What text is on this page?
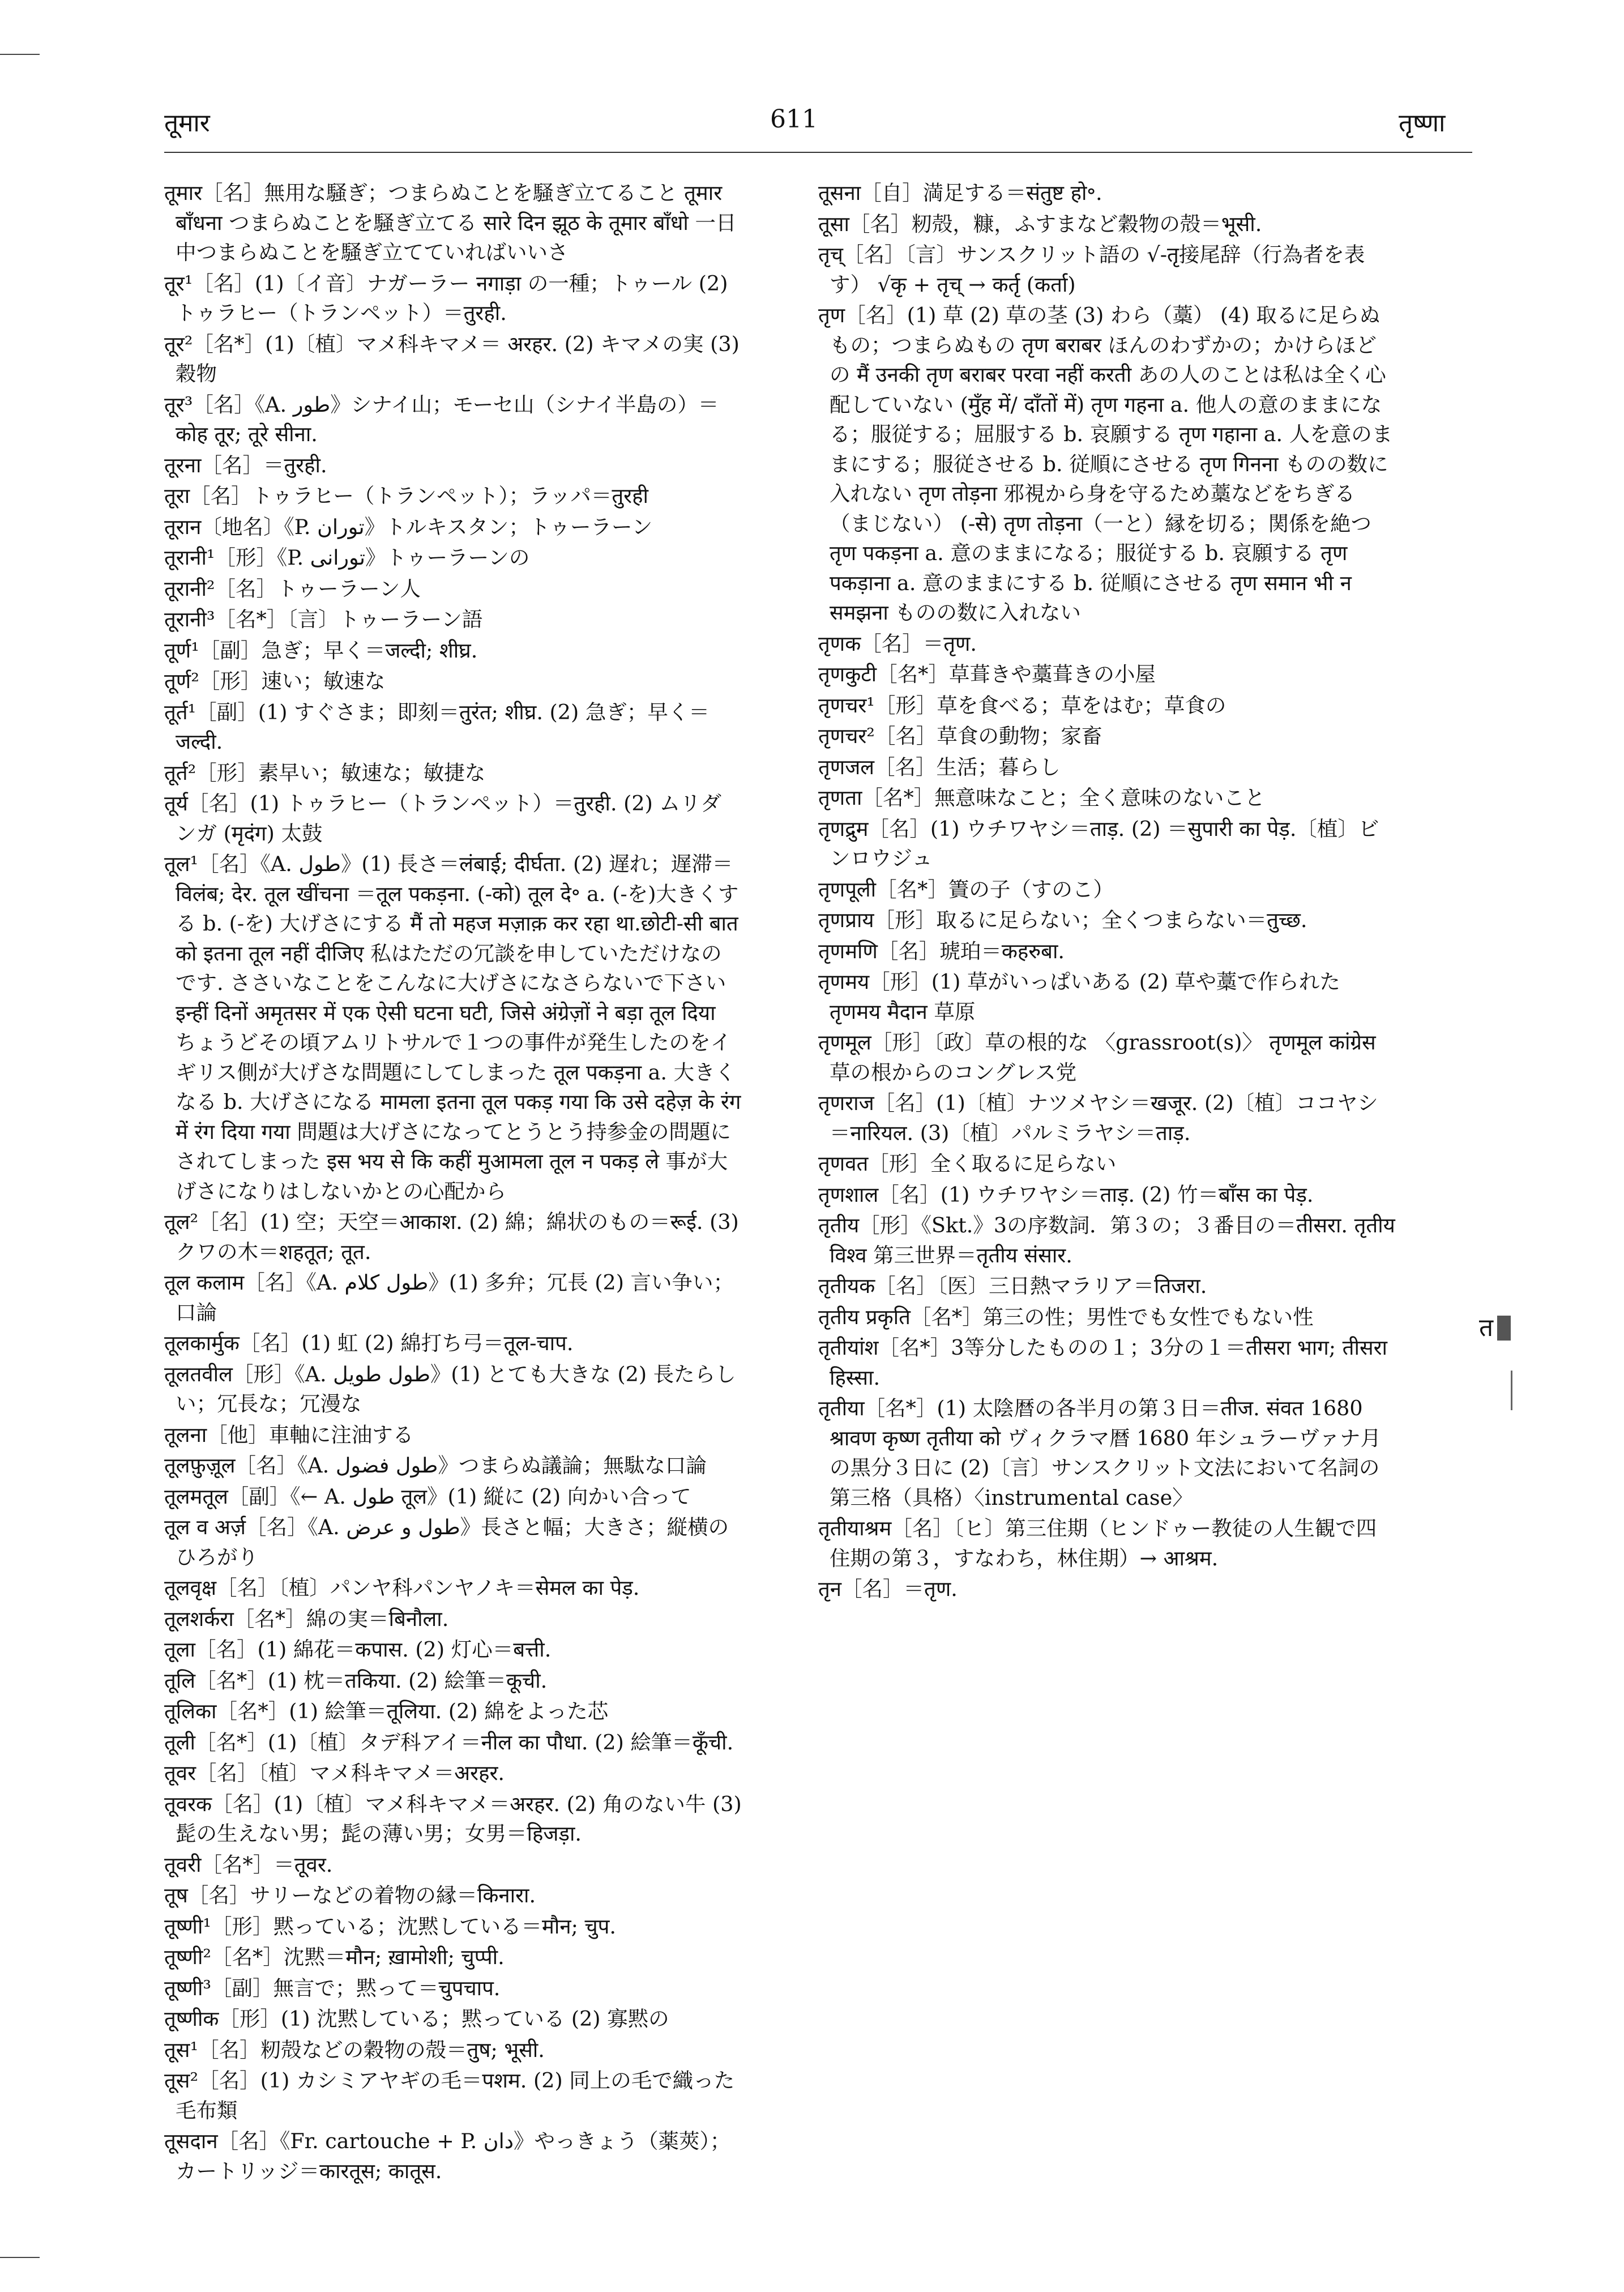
तूमार	611	तृष्णा

तूमार［名］無用な騒ぎ；つまらぬことを騒ぎ立てること तूमार बाँधना つまらぬことを騒ぎ立てる सारे दिन झूठ के तूमार बाँधो 一日中つまらぬことを騒ぎ立てていればいいさ

तूर¹［名］(1)〔イ音〕ナガーラー नगाड़ा の一種；トゥール (2) トゥラヒー（トランペット）＝तुरही.

तूर²［名*］(1)〔植〕マメ科キマメ＝ अरहर. (2) キマメの実 (3) 穀物

तूर³［名］《A. طور》シナイ山；モーセ山（シナイ半島の）＝कोह तूर; तूरे सीना.

तूरना［名］＝तुरही.

तूरा［名］トゥラヒー（トランペット）；ラッパ＝तुरही

तूरान〔地名〕《P. توران》トルキスタン；トゥーラーン

तूरानी¹［形］《P. تورانی》トゥーラーンの

तूरानी²［名］トゥーラーン人

तूरानी³［名*］〔言〕トゥーラーン語

तूर्ण¹［副］急ぎ；早く＝जल्दी; शीघ्र.

तूर्ण²［形］速い；敏速な

तूर्त¹［副］(1) すぐさま；即刻＝तुरंत; शीघ्र. (2) 急ぎ；早く＝जल्दी.

तूर्त²［形］素早い；敏速な；敏捷な

तूर्य［名］(1) トゥラヒー（トランペット）＝तुरही. (2) ムリダンガ (मृदंग) 太鼓

तूल¹［名］《A. طول》(1) 長さ＝लंबाई; दीर्घता. (2) 遅れ；遅滞＝विलंब; देर. तूल खींचना ＝तूल पकड़ना. (-को) तूल दे॰ a. (-を)大きくする b. (-を) 大げさにする मैं तो महज मज़ाक़ कर रहा था.छोटी-सी बात को इतना तूल नहीं दीजिए 私はただの冗談を申していただけなのです. ささいなことをこんなに大げさになさらないで下さい इन्हीं दिनों अमृतसर में एक ऐसी घटना घटी, जिसे अंग्रेज़ों ने बड़ा तूल दिया ちょうどその頃アムリトサルで１つの事件が発生したのをイギリス側が大げさな問題にしてしまった तूल पकड़ना a. 大きくなる b. 大げさになる मामला इतना तूल पकड़ गया कि उसे दहेज़ के रंग में रंग दिया गया 問題は大げさになってとうとう持参金の問題にされてしまった इस भय से कि कहीं मुआमला तूल न पकड़ ले 事が大げさになりはしないかとの心配から

तूल²［名］(1) 空；天空＝आकाश. (2) 綿；綿状のもの＝रूई. (3) クワの木＝शहतूत; तूत.

तूल कलाम［名］《A. طول کلام》(1) 多弁；冗長 (2) 言い争い；口論

तूलकार्मुक［名］(1) 虹 (2) 綿打ち弓＝तूल-चाप.

तूलतवील［形］《A. طول طویل》(1) とても大きな (2) 長たらしい；冗長な；冗漫な

तूलना［他］車軸に注油する

तूलफ़ुज़ूल［名］《A. طول فضول》つまらぬ議論；無駄な口論

तूलमतूल［副］《← A. طول तूल》(1) 縦に (2) 向かい合って

तूल व अर्ज़［名］《A. طول و عرض》長さと幅；大きさ；縦横のひろがり

तूलवृक्ष［名］〔植〕パンヤ科パンヤノキ＝सेमल का पेड़.

तूलशर्करा［名*］綿の実＝बिनौला.

तूला［名］(1) 綿花＝कपास. (2) 灯心＝बत्ती.

तूलि［名*］(1) 枕＝तकिया. (2) 絵筆＝कूची.

तूलिका［名*］(1) 絵筆＝तूलिया. (2) 綿をよった芯

तूली［名*］(1)〔植〕タデ科アイ＝नील का पौधा. (2) 絵筆＝कूँची.

तूवर［名］〔植〕マメ科キマメ＝अरहर.

तूवरक［名］(1)〔植〕マメ科キマメ＝अरहर. (2) 角のない牛 (3) 髭の生えない男；髭の薄い男；女男＝हिजड़ा.

तूवरी［名*］＝तूवर.

तूष［名］サリーなどの着物の縁＝किनारा.

तूष्णी¹［形］黙っている；沈黙している＝मौन; चुप.

तूष्णी²［名*］沈黙＝मौन; ख़ामोशी; चुप्पी.

तूष्णी³［副］無言で；黙って＝चुपचाप.

तूष्णीक［形］(1) 沈黙している；黙っている (2) 寡黙の

तूस¹［名］籾殻などの穀物の殻＝तुष; भूसी.

तूस²［名］(1) カシミアヤギの毛＝पशम. (2) 同上の毛で織った毛布類

तूसदान［名］《Fr. cartouche + P. دان》やっきょう（薬莢）；カートリッジ＝कारतूस; कातूस.

तूसना［自］満足する＝संतुष्ट हो॰.

तूसा［名］籾殻，糠，ふすまなど穀物の殻＝भूसी.

तृच्［名］〔言〕サンスクリット語の √-तृ接尾辞（行為者を表す） √कृ + तृच् → कर्तृ (कर्ता)

तृण［名］(1) 草 (2) 草の茎 (3) わら（藁） (4) 取るに足らぬもの；つまらぬもの तृण बराबर ほんのわずかの；かけらほどの मैं उनकी तृण बराबर परवा नहीं करती あの人のことは私は全く心配していない (मुँह में/ दाँतों में) तृण गहना a. 他人の意のままになる；服従する；屈服する b. 哀願する तृण गहाना a. 人を意のままにする；服従させる b. 従順にさせる तृण गिनना ものの数に入れない तृण तोड़ना 邪視から身を守るため藁などをちぎる（まじない） (-से) तृण तोड़ना（一と）縁を切る；関係を絶つ तृण पकड़ना a. 意のままになる；服従する b. 哀願する तृण पकड़ाना a. 意のままにする b. 従順にさせる तृण समान भी न समझना ものの数に入れない

तृणक［名］＝तृण.

तृणकुटी［名*］草葺きや藁葺きの小屋

तृणचर¹［形］草を食べる；草をはむ；草食の

तृणचर²［名］草食の動物；家畜

तृणजल［名］生活；暮らし

तृणता［名*］無意味なこと；全く意味のないこと

तृणद्रुम［名］(1) ウチワヤシ＝ताड़. (2) ＝सुपारी का पेड़.〔植〕ビンロウジュ

तृणपूली［名*］簀の子（すのこ）

तृणप्राय［形］取るに足らない；全くつまらない＝तुच्छ.

तृणमणि［名］琥珀＝कहरुबा.

तृणमय［形］(1) 草がいっぱいある (2) 草や藁で作られた तृणमय मैदान 草原

तृणमूल［形］〔政〕草の根的な 〈grassroot(s)〉 तृणमूल कांग्रेस 草の根からのコングレス党

तृणराज［名］(1)〔植〕ナツメヤシ＝खजूर. (2)〔植〕ココヤシ＝नारियल. (3)〔植〕パルミラヤシ＝ताड़.

तृणवत［形］全く取るに足らない

तृणशाल［名］(1) ウチワヤシ＝ताड़. (2) 竹＝बाँस का पेड़.

तृतीय［形］《Skt.》3の序数詞．第３の；３番目の＝तीसरा. तृतीय विश्व 第三世界＝तृतीय संसार.

तृतीयक［名］〔医〕三日熱マラリア＝तिजरा.

तृतीय प्रकृति［名*］第三の性；男性でも女性でもない性

तृतीयांश［名*］3等分したものの１；3分の１＝तीसरा भाग; तीसरा हिस्सा.

तृतीया［名*］(1) 太陰暦の各半月の第３日＝तीज. संवत 1680 श्रावण कृष्ण तृतीया को ヴィクラマ暦 1680 年シュラーヴァナ月の黒分３日に (2)〔言〕サンスクリット文法において名詞の第三格（具格）〈instrumental case〉

तृतीयाश्रम［名］〔ヒ〕第三住期（ヒンドゥー教徒の人生観で四住期の第３，すなわち，林住期）→ आश्रम.

तृन［名］＝तृण.

त
